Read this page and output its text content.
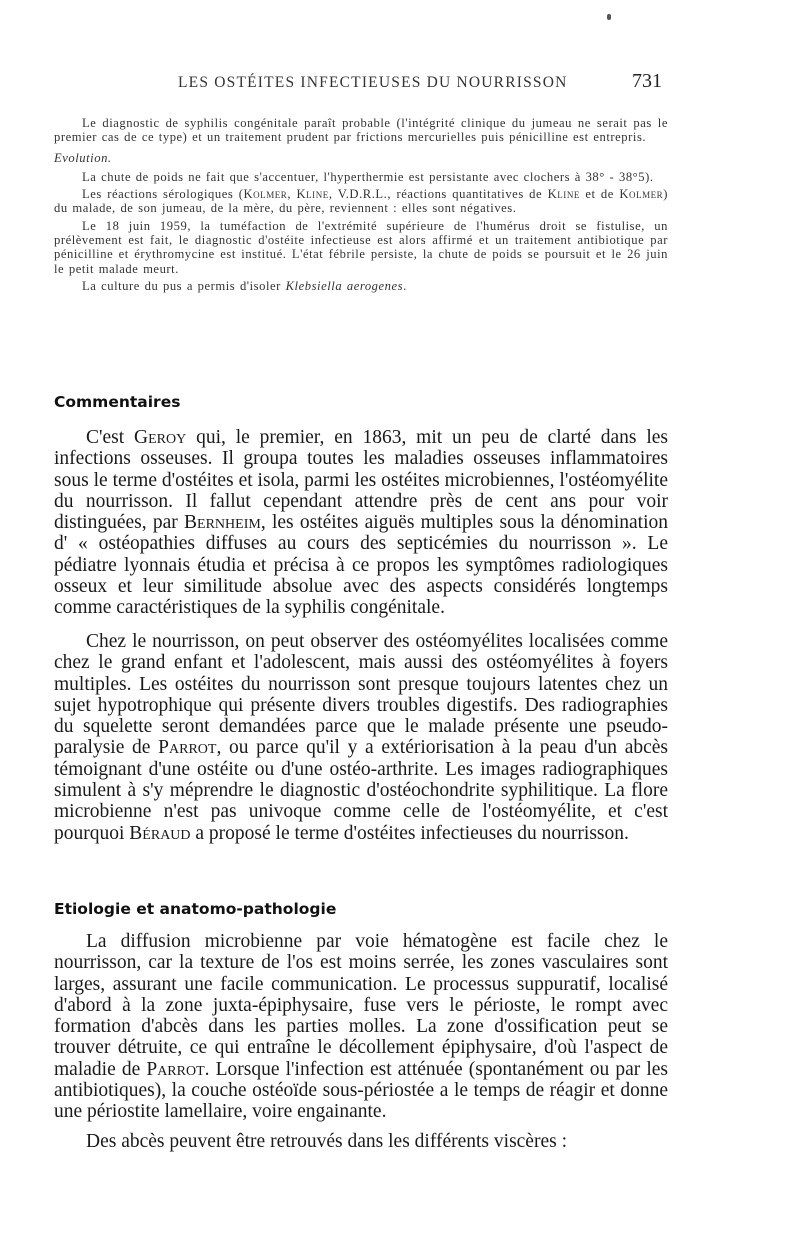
LES OSTÉITES INFECTIEUSES DU NOURRISSON	731

Le diagnostic de syphilis congénitale paraît probable (l'intégrité clinique du jumeau ne serait pas le premier cas de ce type) et un traitement prudent par frictions mercurielles puis pénicilline est entrepris.

Evolution.

La chute de poids ne fait que s'accentuer, l'hyperthermie est persistante avec clochers à 38° - 38°5).

Les réactions sérologiques (Kolmer, Kline, V.D.R.L., réactions quantitatives de Kline et de Kolmer) du malade, de son jumeau, de la mère, du père, reviennent : elles sont négatives.

Le 18 juin 1959, la tuméfaction de l'extrémité supérieure de l'humérus droit se fistulise, un prélèvement est fait, le diagnostic d'ostéite infectieuse est alors affirmé et un traitement antibiotique par pénicilline et érythromycine est institué. L'état fébrile persiste, la chute de poids se poursuit et le 26 juin le petit malade meurt.

La culture du pus a permis d'isoler Klebsiella aerogenes.

Commentaires

C'est Geroy qui, le premier, en 1863, mit un peu de clarté dans les infections osseuses. Il groupa toutes les maladies osseuses inflammatoires sous le terme d'ostéites et isola, parmi les ostéites microbiennes, l'ostéomyélite du nourrisson. Il fallut cependant attendre près de cent ans pour voir distinguées, par Bernheim, les ostéites aiguës multiples sous la dénomination d' « ostéopathies diffuses au cours des septicémies du nourrisson ». Le pédiatre lyonnais étudia et précisa à ce propos les symptômes radiologiques osseux et leur similitude absolue avec des aspects considérés longtemps comme caractéristiques de la syphilis congénitale.

Chez le nourrisson, on peut observer des ostéomyélites localisées comme chez le grand enfant et l'adolescent, mais aussi des ostéomyélites à foyers multiples. Les ostéites du nourrisson sont presque toujours latentes chez un sujet hypotrophique qui présente divers troubles digestifs. Des radiographies du squelette seront demandées parce que le malade présente une pseudo-paralysie de Parrot, ou parce qu'il y a extériorisation à la peau d'un abcès témoignant d'une ostéite ou d'une ostéo-arthrite. Les images radiographiques simulent à s'y méprendre le diagnostic d'ostéochondrite syphilitique. La flore microbienne n'est pas univoque comme celle de l'ostéomyélite, et c'est pourquoi Béraud a proposé le terme d'ostéites infectieuses du nourrisson.

Etiologie et anatomo-pathologie

La diffusion microbienne par voie hématogène est facile chez le nourrisson, car la texture de l'os est moins serrée, les zones vasculaires sont larges, assurant une facile communication. Le processus suppuratif, localisé d'abord à la zone juxta-épiphysaire, fuse vers le périoste, le rompt avec formation d'abcès dans les parties molles. La zone d'ossification peut se trouver détruite, ce qui entraîne le décollement épiphysaire, d'où l'aspect de maladie de Parrot. Lorsque l'infection est atténuée (spontanément ou par les antibiotiques), la couche ostéoïde sous-périostée a le temps de réagir et donne une périostite lamellaire, voire engainante.

Des abcès peuvent être retrouvés dans les différents viscères :
